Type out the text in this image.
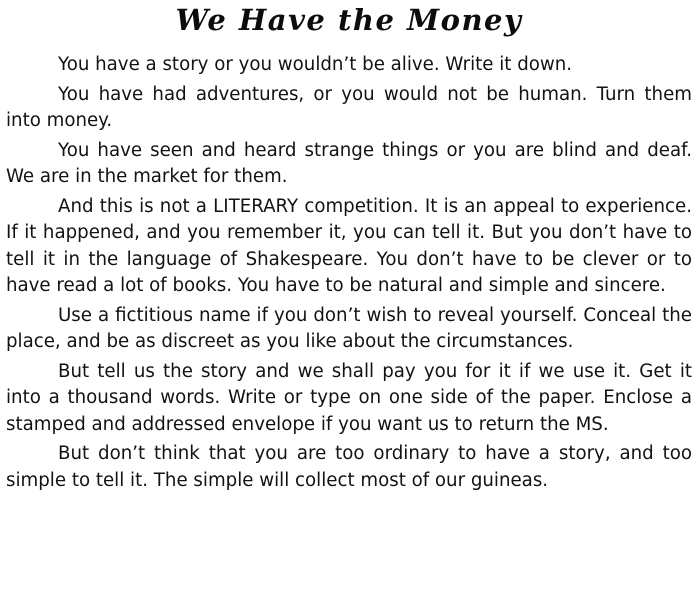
We Have the Money

You have a story or you wouldn’t be alive. Write it down.

You have had adventures, or you would not be human. Turn them into money.

You have seen and heard strange things or you are blind and deaf. We are in the market for them.

And this is not a LITERARY competition. It is an appeal to experience. If it happened, and you remember it, you can tell it. But you don’t have to tell it in the language of Shakespeare. You don’t have to be clever or to have read a lot of books. You have to be natural and simple and sincere.

Use a fictitious name if you don’t wish to reveal yourself. Conceal the place, and be as discreet as you like about the circumstances.

But tell us the story and we shall pay you for it if we use it. Get it into a thousand words. Write or type on one side of the paper. Enclose a stamped and addressed envelope if you want us to return the MS.

But don’t think that you are too ordinary to have a story, and too simple to tell it. The simple will collect most of our guineas.
